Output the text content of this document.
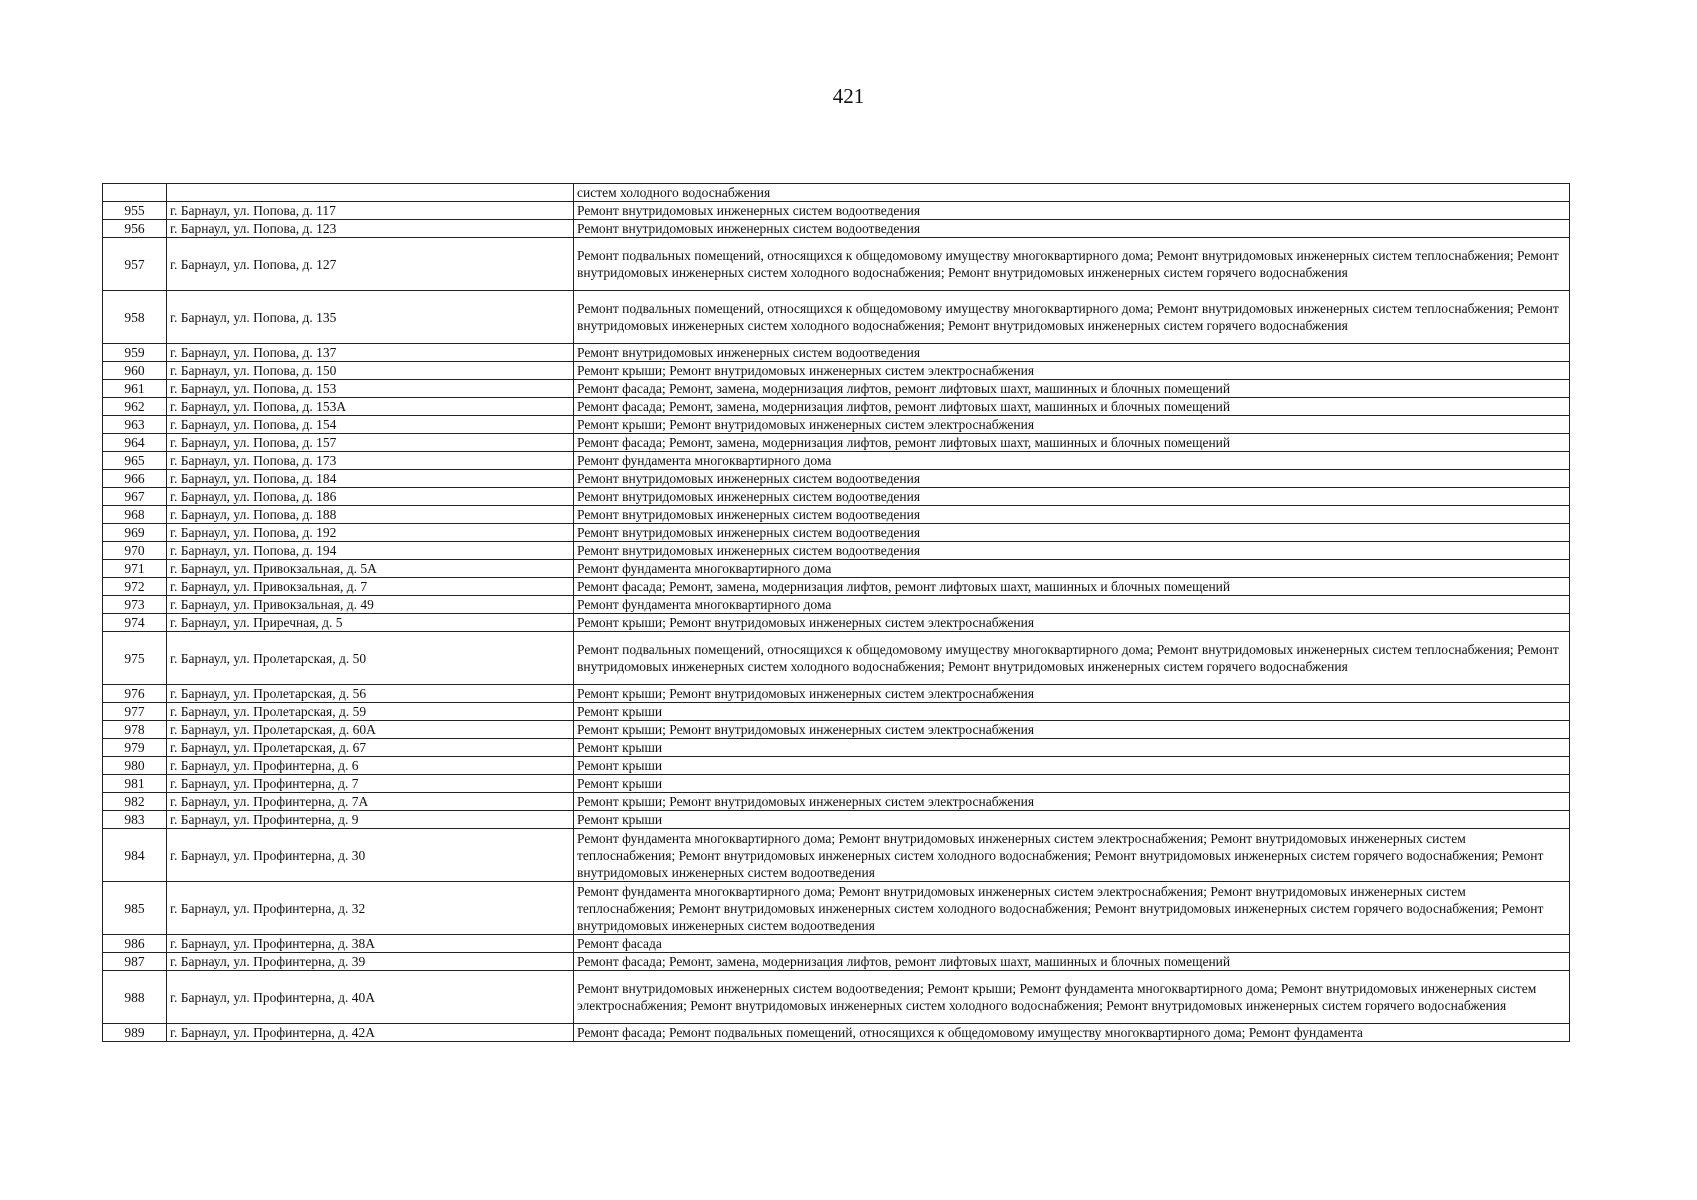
421
		систем холодного водоснабжения
955	г. Барнаул, ул. Попова, д. 117	Ремонт внутридомовых инженерных систем водоотведения
956	г. Барнаул, ул. Попова, д. 123	Ремонт внутридомовых инженерных систем водоотведения
957	г. Барнаул, ул. Попова, д. 127	Ремонт подвальных помещений, относящихся к общедомовому имуществу многоквартирного дома; Ремонт внутридомовых инженерных систем теплоснабжения; Ремонт внутридомовых инженерных систем холодного водоснабжения; Ремонт внутридомовых инженерных систем горячего водоснабжения
958	г. Барнаул, ул. Попова, д. 135	Ремонт подвальных помещений, относящихся к общедомовому имуществу многоквартирного дома; Ремонт внутридомовых инженерных систем теплоснабжения; Ремонт внутридомовых инженерных систем холодного водоснабжения; Ремонт внутридомовых инженерных систем горячего водоснабжения
959	г. Барнаул, ул. Попова, д. 137	Ремонт внутридомовых инженерных систем водоотведения
960	г. Барнаул, ул. Попова, д. 150	Ремонт крыши; Ремонт внутридомовых инженерных систем электроснабжения
961	г. Барнаул, ул. Попова, д. 153	Ремонт фасада; Ремонт, замена, модернизация лифтов, ремонт лифтовых шахт, машинных и блочных помещений
962	г. Барнаул, ул. Попова, д. 153А	Ремонт фасада; Ремонт, замена, модернизация лифтов, ремонт лифтовых шахт, машинных и блочных помещений
963	г. Барнаул, ул. Попова, д. 154	Ремонт крыши; Ремонт внутридомовых инженерных систем электроснабжения
964	г. Барнаул, ул. Попова, д. 157	Ремонт фасада; Ремонт, замена, модернизация лифтов, ремонт лифтовых шахт, машинных и блочных помещений
965	г. Барнаул, ул. Попова, д. 173	Ремонт фундамента многоквартирного дома
966	г. Барнаул, ул. Попова, д. 184	Ремонт внутридомовых инженерных систем водоотведения
967	г. Барнаул, ул. Попова, д. 186	Ремонт внутридомовых инженерных систем водоотведения
968	г. Барнаул, ул. Попова, д. 188	Ремонт внутридомовых инженерных систем водоотведения
969	г. Барнаул, ул. Попова, д. 192	Ремонт внутридомовых инженерных систем водоотведения
970	г. Барнаул, ул. Попова, д. 194	Ремонт внутридомовых инженерных систем водоотведения
971	г. Барнаул, ул. Привокзальная, д. 5А	Ремонт фундамента многоквартирного дома
972	г. Барнаул, ул. Привокзальная, д. 7	Ремонт фасада; Ремонт, замена, модернизация лифтов, ремонт лифтовых шахт, машинных и блочных помещений
973	г. Барнаул, ул. Привокзальная, д. 49	Ремонт фундамента многоквартирного дома
974	г. Барнаул, ул. Приречная, д. 5	Ремонт крыши; Ремонт внутридомовых инженерных систем электроснабжения
975	г. Барнаул, ул. Пролетарская, д. 50	Ремонт подвальных помещений, относящихся к общедомовому имуществу многоквартирного дома; Ремонт внутридомовых инженерных систем теплоснабжения; Ремонт внутридомовых инженерных систем холодного водоснабжения; Ремонт внутридомовых инженерных систем горячего водоснабжения
976	г. Барнаул, ул. Пролетарская, д. 56	Ремонт крыши; Ремонт внутридомовых инженерных систем электроснабжения
977	г. Барнаул, ул. Пролетарская, д. 59	Ремонт крыши
978	г. Барнаул, ул. Пролетарская, д. 60А	Ремонт крыши; Ремонт внутридомовых инженерных систем электроснабжения
979	г. Барнаул, ул. Пролетарская, д. 67	Ремонт крыши
980	г. Барнаул, ул. Профинтерна, д. 6	Ремонт крыши
981	г. Барнаул, ул. Профинтерна, д. 7	Ремонт крыши
982	г. Барнаул, ул. Профинтерна, д. 7А	Ремонт крыши; Ремонт внутридомовых инженерных систем электроснабжения
983	г. Барнаул, ул. Профинтерна, д. 9	Ремонт крыши
984	г. Барнаул, ул. Профинтерна, д. 30	Ремонт фундамента многоквартирного дома; Ремонт внутридомовых инженерных систем электроснабжения; Ремонт внутридомовых инженерных систем теплоснабжения; Ремонт внутридомовых инженерных систем холодного водоснабжения; Ремонт внутридомовых инженерных систем горячего водоснабжения; Ремонт внутридомовых инженерных систем водоотведения
985	г. Барнаул, ул. Профинтерна, д. 32	Ремонт фундамента многоквартирного дома; Ремонт внутридомовых инженерных систем электроснабжения; Ремонт внутридомовых инженерных систем теплоснабжения; Ремонт внутридомовых инженерных систем холодного водоснабжения; Ремонт внутридомовых инженерных систем горячего водоснабжения; Ремонт внутридомовых инженерных систем водоотведения
986	г. Барнаул, ул. Профинтерна, д. 38А	Ремонт фасада
987	г. Барнаул, ул. Профинтерна, д. 39	Ремонт фасада; Ремонт, замена, модернизация лифтов, ремонт лифтовых шахт, машинных и блочных помещений
988	г. Барнаул, ул. Профинтерна, д. 40А	Ремонт внутридомовых инженерных систем водоотведения; Ремонт крыши; Ремонт фундамента многоквартирного дома; Ремонт внутридомовых инженерных систем электроснабжения; Ремонт внутридомовых инженерных систем холодного водоснабжения; Ремонт внутридомовых инженерных систем горячего водоснабжения
989	г. Барнаул, ул. Профинтерна, д. 42А	Ремонт фасада; Ремонт подвальных помещений, относящихся к общедомовому имуществу многоквартирного дома; Ремонт фундамента
